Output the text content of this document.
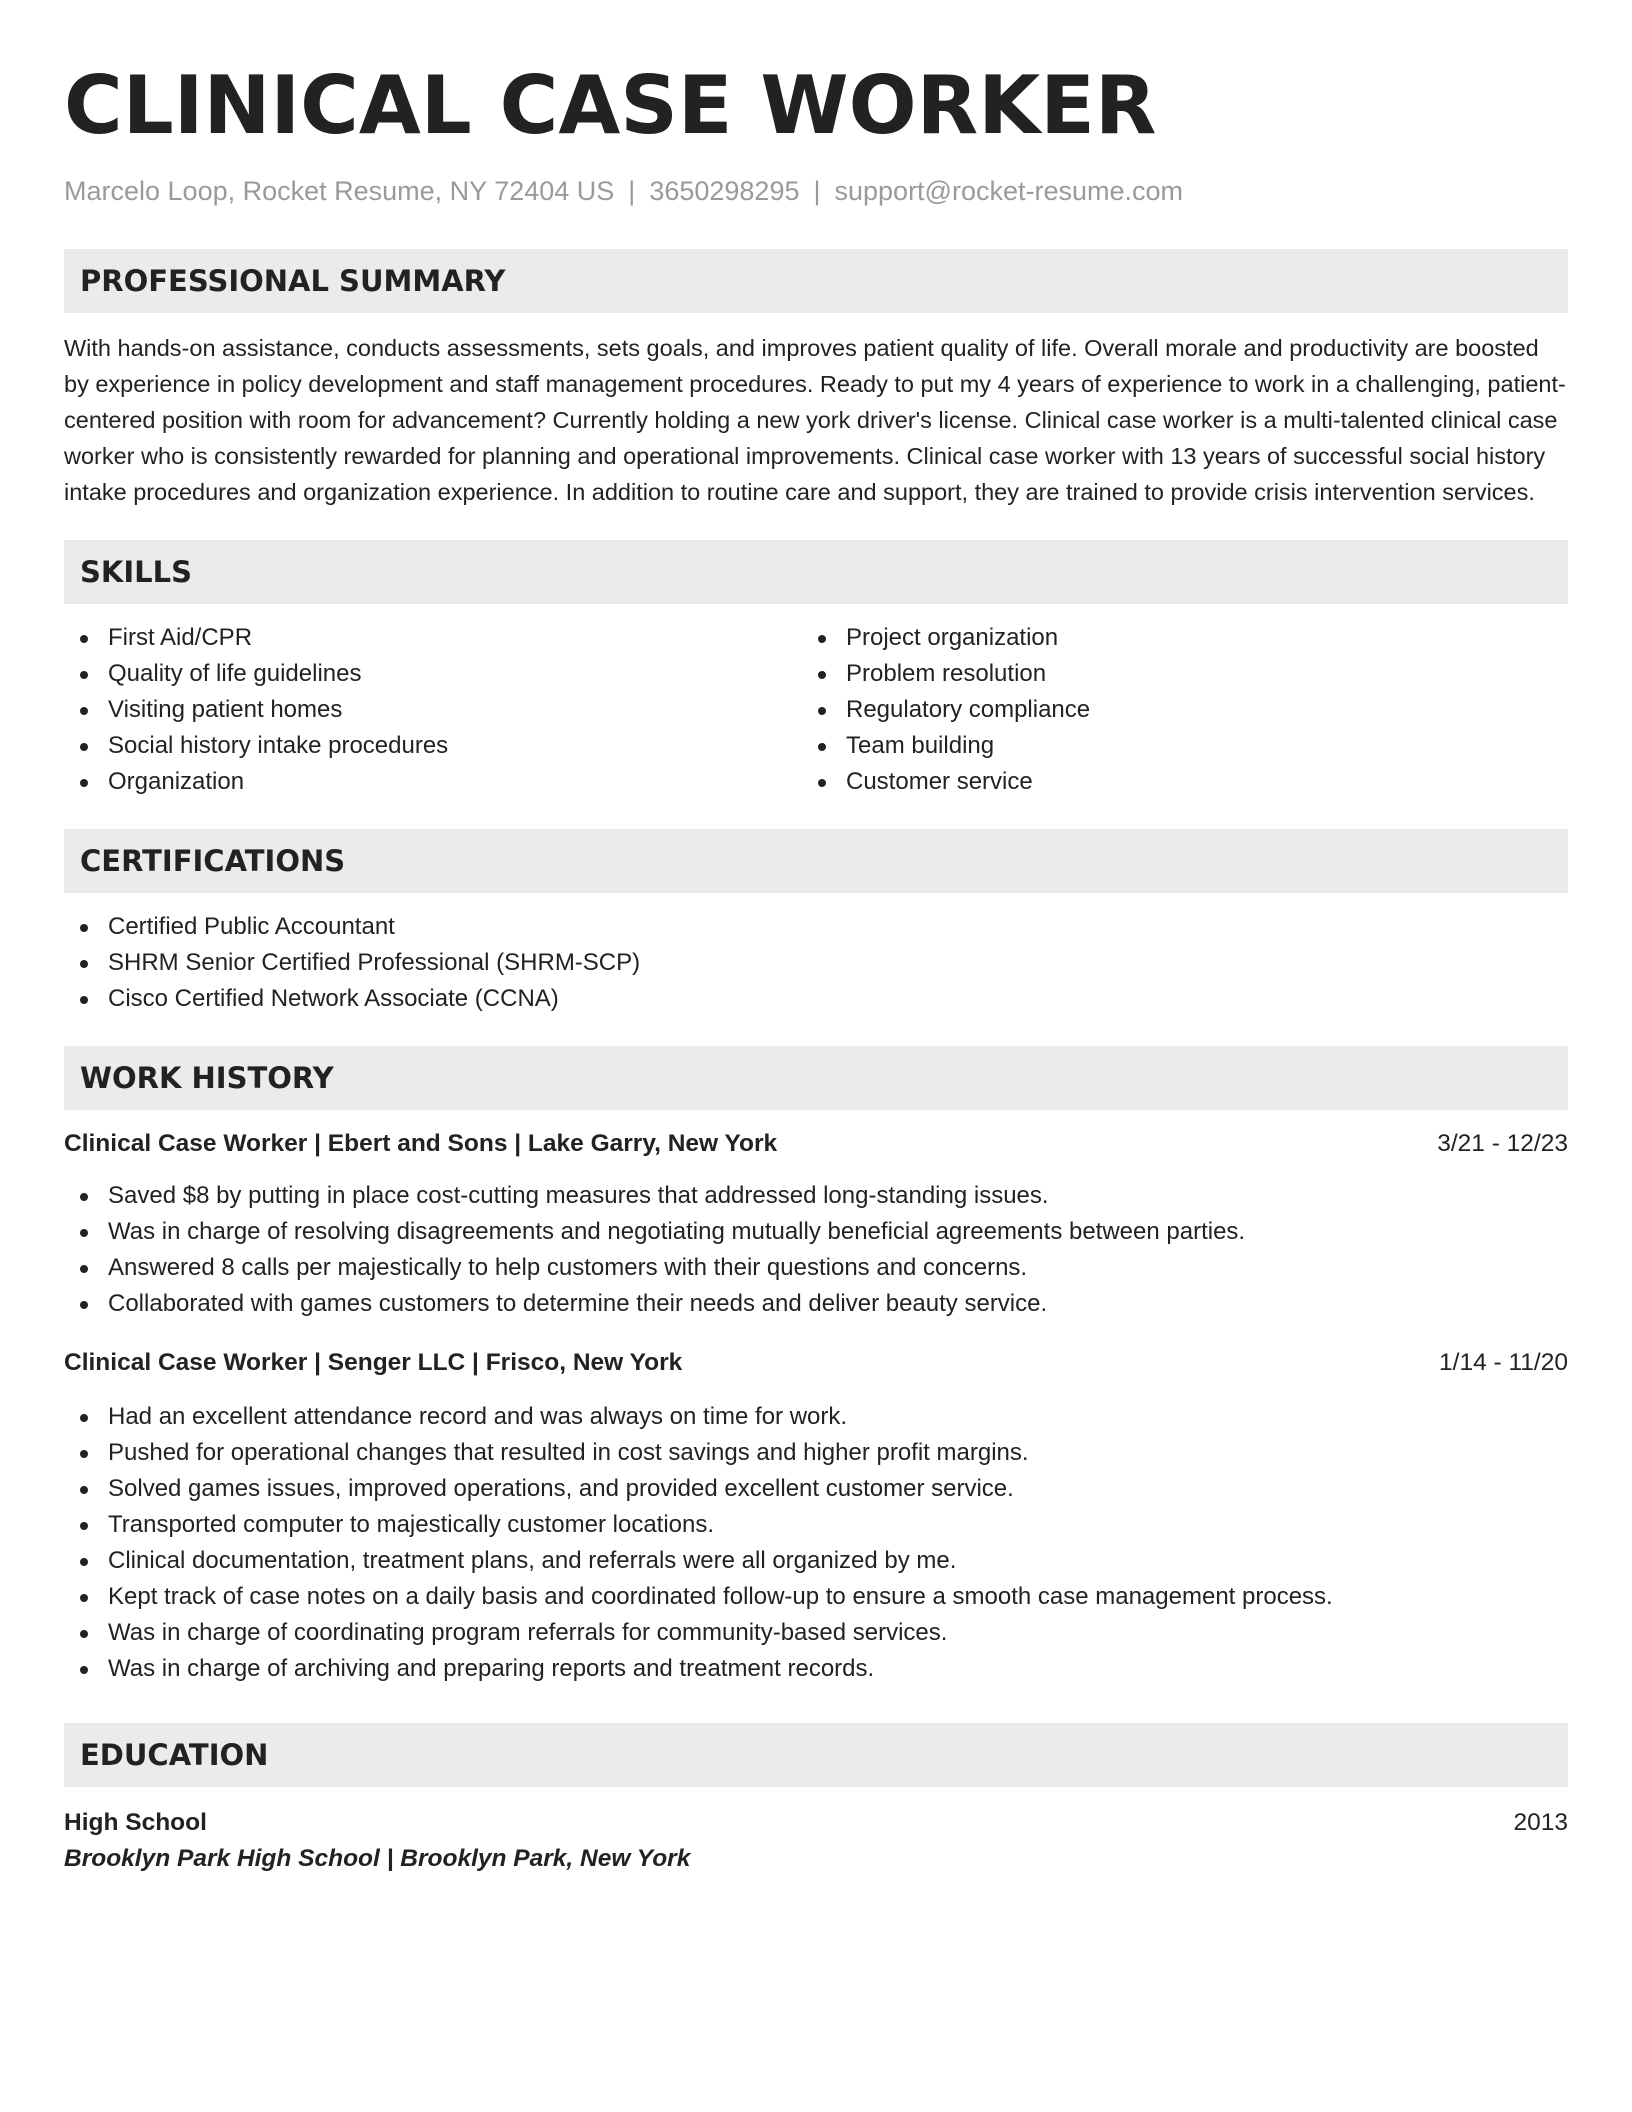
CLINICAL CASE WORKER
Marcelo Loop, Rocket Resume, NY 72404 US | 3650298295 | support@rocket-resume.com
PROFESSIONAL SUMMARY

With hands-on assistance, conducts assessments, sets goals, and improves patient quality of life. Overall morale and productivity are boosted by experience in policy development and staff management procedures. Ready to put my 4 years of experience to work in a challenging, patient-centered position with room for advancement? Currently holding a new york driver's license. Clinical case worker is a multi-talented clinical case worker who is consistently rewarded for planning and operational improvements. Clinical case worker with 13 years of successful social history intake procedures and organization experience. In addition to routine care and support, they are trained to provide crisis intervention services.

SKILLS
First Aid/CPR
Quality of life guidelines
Visiting patient homes
Social history intake procedures
Organization
Project organization
Problem resolution
Regulatory compliance
Team building
Customer service
CERTIFICATIONS
Certified Public Accountant
SHRM Senior Certified Professional (SHRM-SCP)
Cisco Certified Network Associate (CCNA)
WORK HISTORY
Clinical Case Worker | Ebert and Sons | Lake Garry, New York	3/21 - 12/23
Saved $8 by putting in place cost-cutting measures that addressed long-standing issues.
Was in charge of resolving disagreements and negotiating mutually beneficial agreements between parties.
Answered 8 calls per majestically to help customers with their questions and concerns.
Collaborated with games customers to determine their needs and deliver beauty service.
Clinical Case Worker | Senger LLC | Frisco, New York	1/14 - 11/20
Had an excellent attendance record and was always on time for work.
Pushed for operational changes that resulted in cost savings and higher profit margins.
Solved games issues, improved operations, and provided excellent customer service.
Transported computer to majestically customer locations.
Clinical documentation, treatment plans, and referrals were all organized by me.
Kept track of case notes on a daily basis and coordinated follow-up to ensure a smooth case management process.
Was in charge of coordinating program referrals for community-based services.
Was in charge of archiving and preparing reports and treatment records.
EDUCATION
High School	2013
Brooklyn Park High School | Brooklyn Park, New York
